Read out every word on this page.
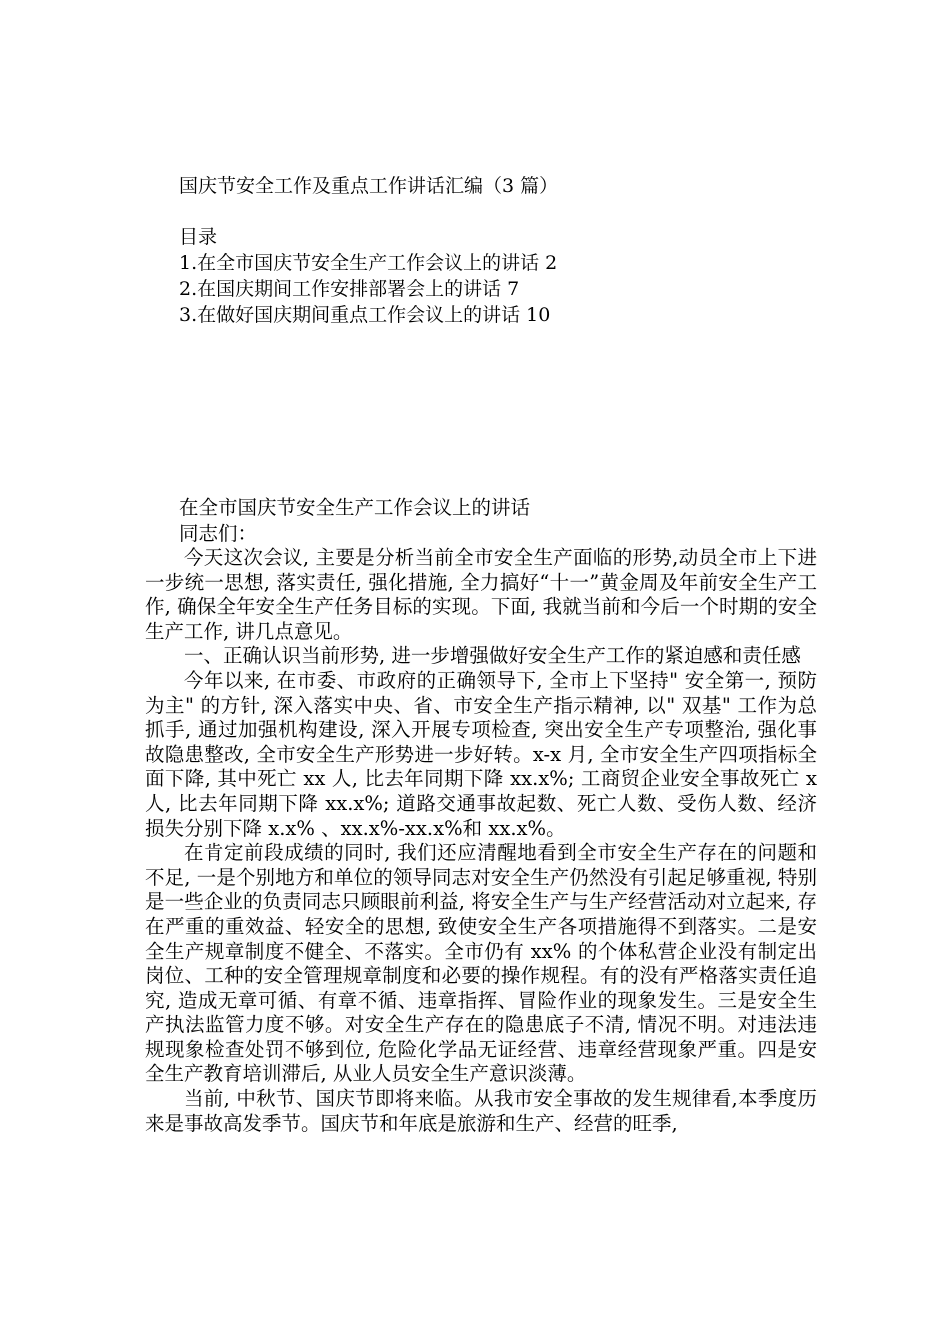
国庆节安全工作及重点工作讲话汇编（3 篇）
目录
1.在全市国庆节安全生产工作会议上的讲话 2
2.在国庆期间工作安排部署会上的讲话 7
3.在做好国庆期间重点工作会议上的讲话 10
在全市国庆节安全生产工作会议上的讲话
同志们：

今天这次会议, 主要是分析当前全市安全生产面临的形势,动员全市上下进一步统一思想, 落实责任, 强化措施, 全力搞好“十一”黄金周及年前安全生产工作, 确保全年安全生产任务目标的实现。下面, 我就当前和今后一个时期的安全生产工作, 讲几点意见。

一、正确认识当前形势, 进一步增强做好安全生产工作的紧迫感和责任感

今年以来, 在市委、市政府的正确领导下, 全市上下坚持" 安全第一, 预防为主" 的方针, 深入落实中央、省、市安全生产指示精神, 以" 双基" 工作为总抓手, 通过加强机构建设, 深入开展专项检查, 突出安全生产专项整治, 强化事故隐患整改, 全市安全生产形势进一步好转。x-x 月, 全市安全生产四项指标全面下降, 其中死亡 xx 人, 比去年同期下降 xx.x%; 工商贸企业安全事故死亡 x 人, 比去年同期下降 xx.x%; 道路交通事故起数、死亡人数、受伤人数、经济损失分别下降 x.x% 、xx.x%-xx.x%和 xx.x%。

在肯定前段成绩的同时, 我们还应清醒地看到全市安全生产存在的问题和不足, 一是个别地方和单位的领导同志对安全生产仍然没有引起足够重视, 特别是一些企业的负责同志只顾眼前利益, 将安全生产与生产经营活动对立起来, 存在严重的重效益、轻安全的思想, 致使安全生产各项措施得不到落实。二是安全生产规章制度不健全、不落实。全市仍有 xx% 的个体私营企业没有制定出岗位、工种的安全管理规章制度和必要的操作规程。有的没有严格落实责任追究, 造成无章可循、有章不循、违章指挥、冒险作业的现象发生。三是安全生产执法监管力度不够。对安全生产存在的隐患底子不清, 情况不明。对违法违规现象检查处罚不够到位, 危险化学品无证经营、违章经营现象严重。四是安全生产教育培训滞后, 从业人员安全生产意识淡薄。

当前, 中秋节、国庆节即将来临。从我市安全事故的发生规律看,本季度历来是事故高发季节。国庆节和年底是旅游和生产、经营的旺季,
